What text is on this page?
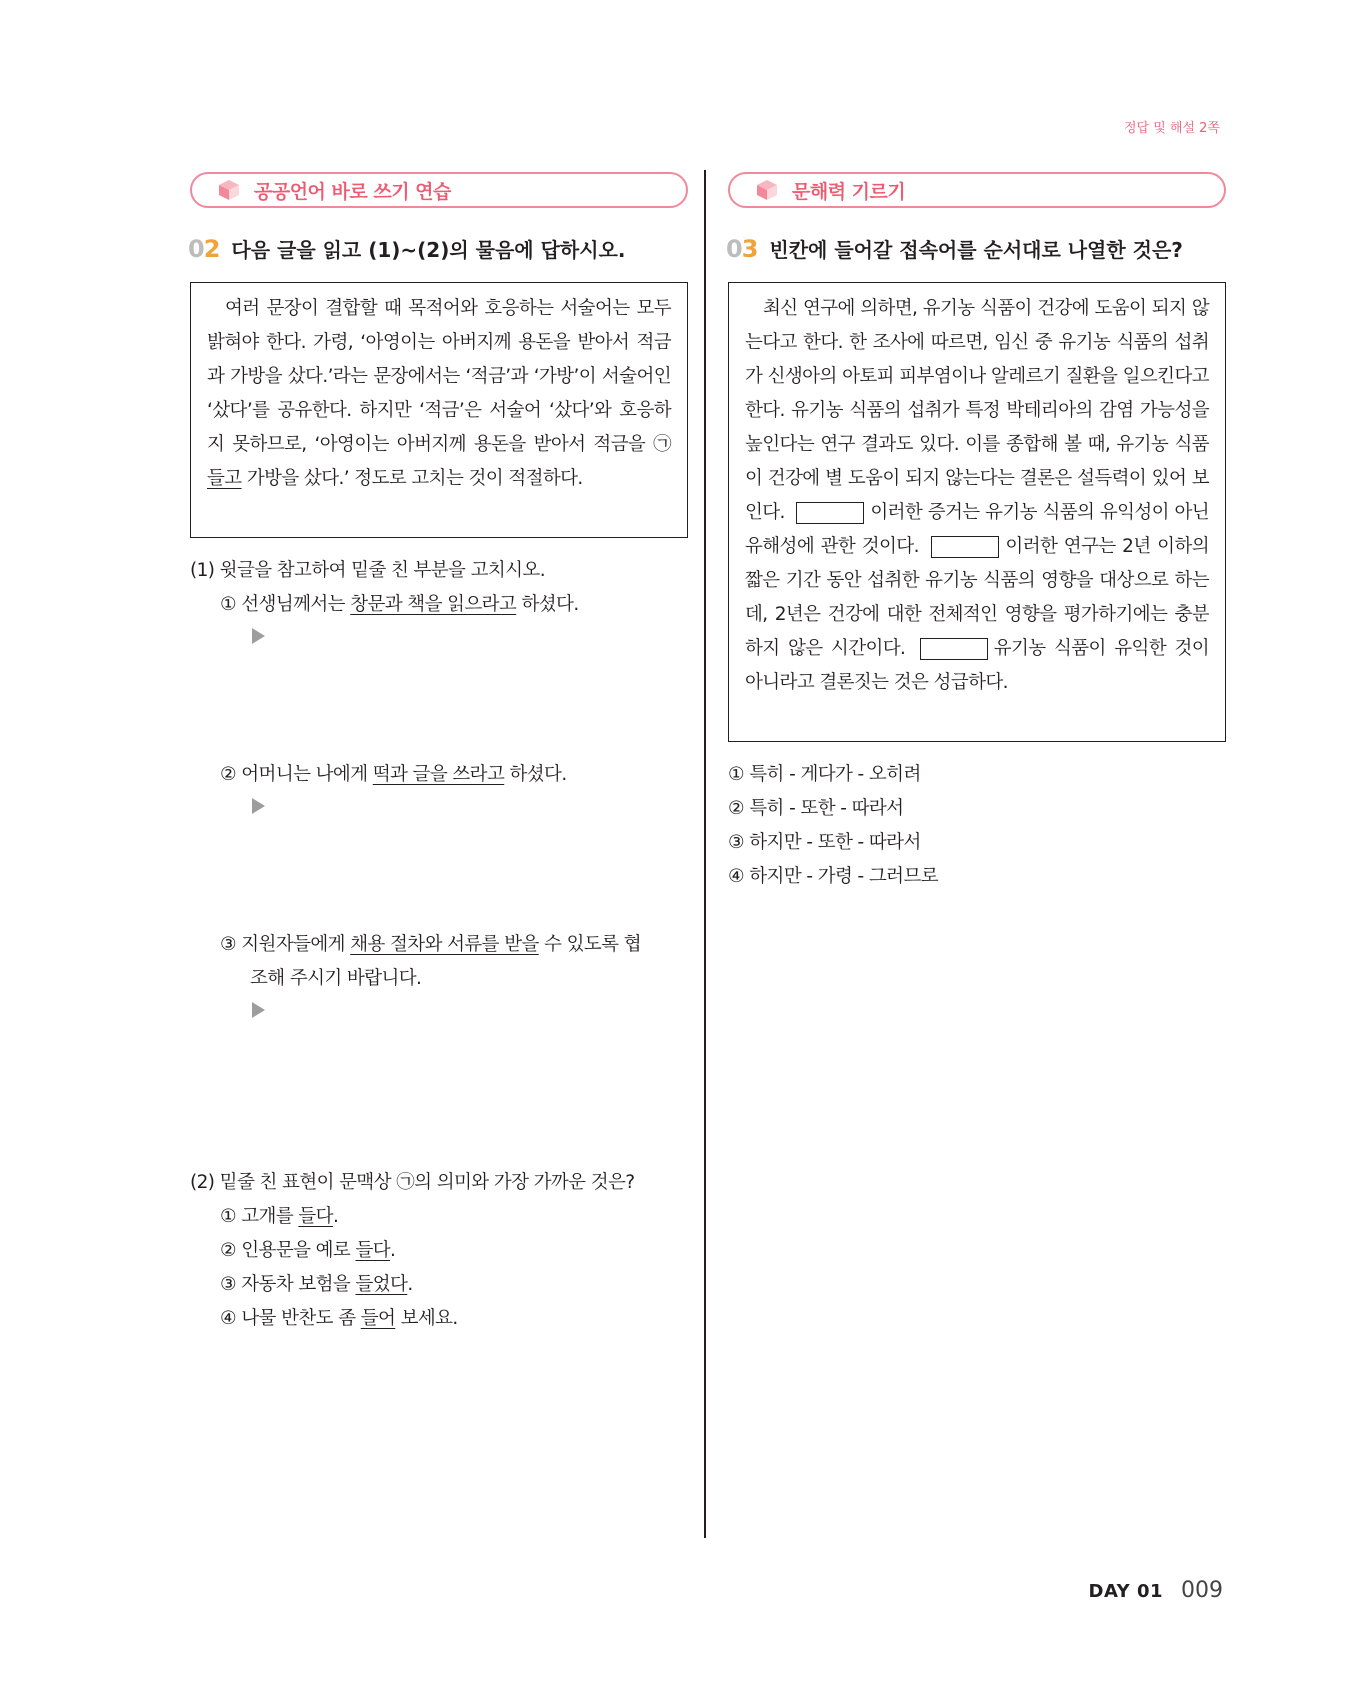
정답 및 해설 2쪽
공공언어 바로 쓰기 연습
02 다음 글을 읽고 (1)~(2)의 물음에 답하시오.

여러 문장이 결합할 때 목적어와 호응하는 서술어는 모두 밝혀야 한다. 가령, ‘아영이는 아버지께 용돈을 받아서 적금과 가방을 샀다.’라는 문장에서는 ‘적금’과 ‘가방’이 서술어인 ‘샀다’를 공유한다. 하지만 ‘적금’은 서술어 ‘샀다’와 호응하지 못하므로, ‘아영이는 아버지께 용돈을 받아서 적금을 ㉠ 들고 가방을 샀다.’ 정도로 고치는 것이 적절하다.

(1) 윗글을 참고하여 밑줄 친 부분을 고치시오.
① 선생님께서는 창문과 책을 읽으라고 하셨다.
② 어머니는 나에게 떡과 글을 쓰라고 하셨다.
③ 지원자들에게 채용 절차와 서류를 받을 수 있도록 협
조해 주시기 바랍니다.
(2) 밑줄 친 표현이 문맥상 ㉠의 의미와 가장 가까운 것은?
① 고개를 들다.
② 인용문을 예로 들다.
③ 자동차 보험을 들었다.
④ 나물 반찬도 좀 들어 보세요.
문해력 기르기
03 빈칸에 들어갈 접속어를 순서대로 나열한 것은?

최신 연구에 의하면, 유기농 식품이 건강에 도움이 되지 않는다고 한다. 한 조사에 따르면, 임신 중 유기농 식품의 섭취가 신생아의 아토피 피부염이나 알레르기 질환을 일으킨다고 한다. 유기농 식품의 섭취가 특정 박테리아의 감염 가능성을 높인다는 연구 결과도 있다. 이를 종합해 볼 때, 유기농 식품이 건강에 별 도움이 되지 않는다는 결론은 설득력이 있어 보인다.	이러한 증거는 유기농 식품의 유익성이 아닌 유해성에 관한 것이다.	이러한 연구는 2년 이하의 짧은 기간 동안 섭취한 유기농 식품의 영향을 대상으로 하는데, 2년은 건강에 대한 전체적인 영향을 평가하기에는 충분하지 않은 시간이다.	유기농 식품이 유익한 것이 아니라고 결론짓는 것은 성급하다.

① 특히 - 게다가 - 오히려
② 특히 - 또한 - 따라서
③ 하지만 - 또한 - 따라서
④ 하지만 - 가령 - 그러므로
DAY 01 009
